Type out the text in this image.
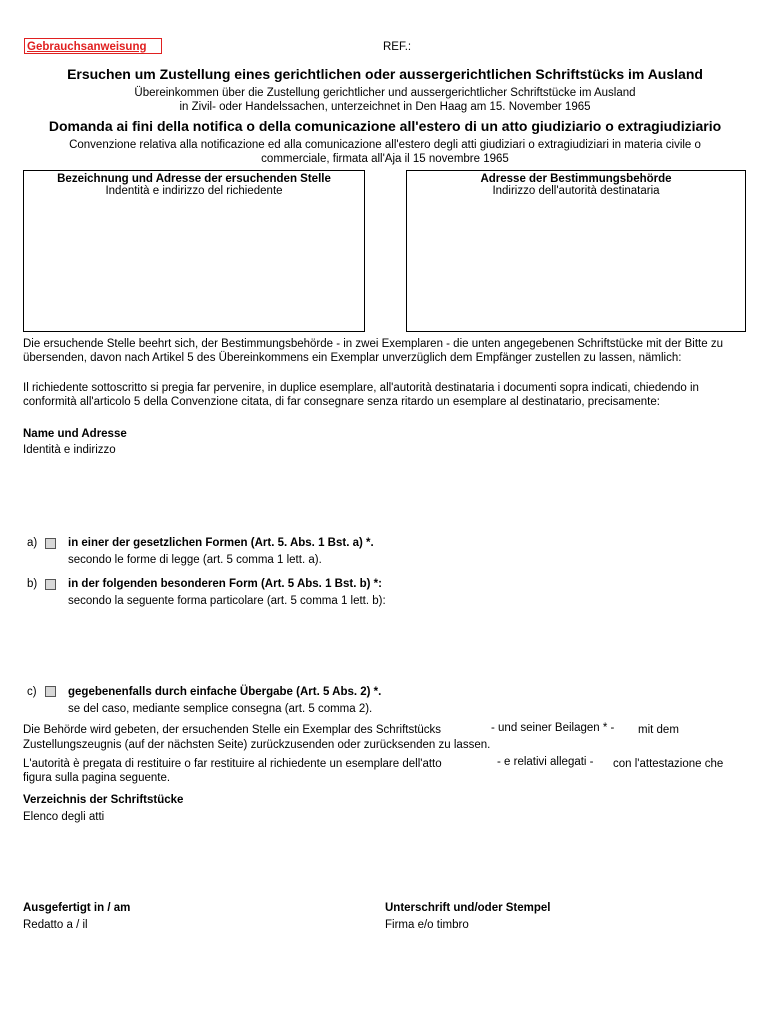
Gebrauchsanweisung	REF.:
Ersuchen um Zustellung eines gerichtlichen oder aussergerichtlichen Schriftstücks im Ausland
Übereinkommen über die Zustellung gerichtlicher und aussergerichtlicher Schriftstücke im Ausland in Zivil- oder Handelssachen, unterzeichnet in Den Haag am 15. November 1965
Domanda ai fini della notifica o della comunicazione all'estero di un atto giudiziario o extragiudiziario
Convenzione relativa alla notificazione ed alla comunicazione all'estero degli atti giudiziari o extragiudiziari in materia civile o commerciale, firmata all'Aja il 15 novembre 1965
Bezeichnung und Adresse der ersuchenden Stelle
Indentità e indirizzo del richiedente
Adresse der Bestimmungsbehörde
Indirizzo dell'autorità destinataria
Die ersuchende Stelle beehrt sich, der Bestimmungsbehörde - in zwei Exemplaren - die unten angegebenen Schriftstücke mit der Bitte zu übersenden, davon nach Artikel 5 des Übereinkommens ein Exemplar unverzüglich dem Empfänger zustellen zu lassen, nämlich:
Il richiedente sottoscritto si pregia far pervenire, in duplice esemplare, all'autorità destinataria i documenti sopra indicati, chiedendo in conformità all'articolo 5 della Convenzione citata, di far consegnare senza ritardo un esemplare al destinatario, precisamente:
Name und Adresse
Identità e indirizzo
a)	in einer der gesetzlichen Formen (Art. 5. Abs. 1 Bst. a) *.
secondo le forme di legge (art. 5 comma 1 lett. a).
b)	in der folgenden besonderen Form (Art. 5 Abs. 1 Bst. b) *:
secondo la seguente forma particolare (art. 5 comma 1 lett. b):
c)	gegebenenfalls durch einfache Übergabe (Art. 5 Abs. 2) *.
se del caso, mediante semplice consegna (art. 5 comma 2).
Die Behörde wird gebeten, der ersuchenden Stelle ein Exemplar des Schriftstücks	- und seiner Beilagen * - mit dem
Zustellungszeugnis (auf der nächsten Seite) zurückzusenden oder zurücksenden zu lassen.
L'autorità è pregata di restituire o far restituire al richiedente un esemplare dell'atto	- e relativi allegati - con l'attestazione che
figura sulla pagina seguente.
Verzeichnis der Schriftstücke
Elenco degli atti
Ausgefertigt in / am
Redatto a / il
Unterschrift und/oder Stempel
Firma e/o timbro
